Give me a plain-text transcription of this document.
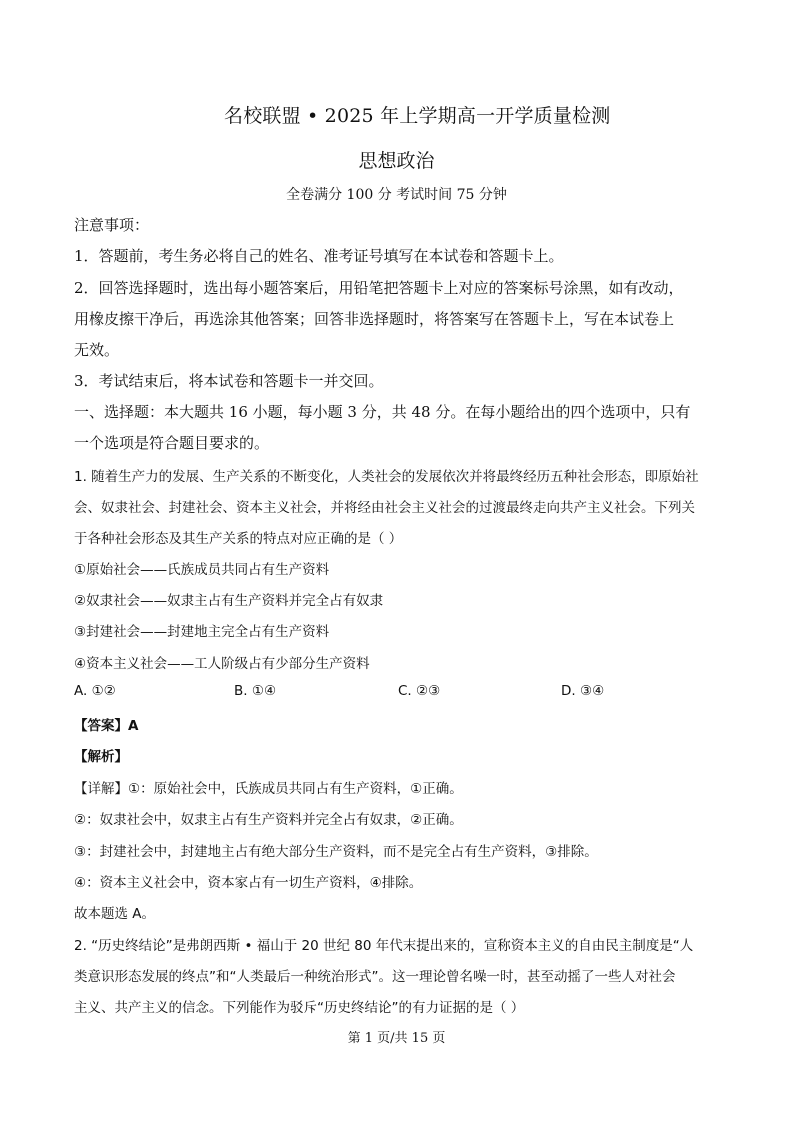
名校联盟 • 2025 年上学期高一开学质量检测
思想政治
全卷满分 100 分 考试时间 75 分钟
注意事项：
1．答题前，考生务必将自己的姓名、准考证号填写在本试卷和答题卡上。
2．回答选择题时，选出每小题答案后，用铅笔把答题卡上对应的答案标号涂黑，如有改动，
用橡皮擦干净后，再选涂其他答案；回答非选择题时，将答案写在答题卡上，写在本试卷上
无效。
3．考试结束后，将本试卷和答题卡一并交回。
一、选择题：本大题共 16 小题，每小题 3 分，共 48 分。在每小题给出的四个选项中，只有
一个选项是符合题目要求的。
1. 随着生产力的发展、生产关系的不断变化，人类社会的发展依次并将最终经历五种社会形态，即原始社
会、奴隶社会、封建社会、资本主义社会，并将经由社会主义社会的过渡最终走向共产主义社会。下列关
于各种社会形态及其生产关系的特点对应正确的是（ ）
①原始社会——氏族成员共同占有生产资料
②奴隶社会——奴隶主占有生产资料并完全占有奴隶
③封建社会——封建地主完全占有生产资料
④资本主义社会——工人阶级占有少部分生产资料
A. ①②	B. ①④	C. ②③	D. ③④
【答案】A
【解析】
【详解】①：原始社会中，氏族成员共同占有生产资料，①正确。
②：奴隶社会中，奴隶主占有生产资料并完全占有奴隶，②正确。
③：封建社会中，封建地主占有绝大部分生产资料，而不是完全占有生产资料，③排除。
④：资本主义社会中，资本家占有一切生产资料，④排除。
故本题选 A。
2. “历史终结论”是弗朗西斯 • 福山于 20 世纪 80 年代末提出来的，宣称资本主义的自由民主制度是“人
类意识形态发展的终点”和“人类最后一种统治形式”。这一理论曾名噪一时，甚至动摇了一些人对社会
主义、共产主义的信念。下列能作为驳斥“历史终结论”的有力证据的是（ ）
第 1 页/共 15 页
